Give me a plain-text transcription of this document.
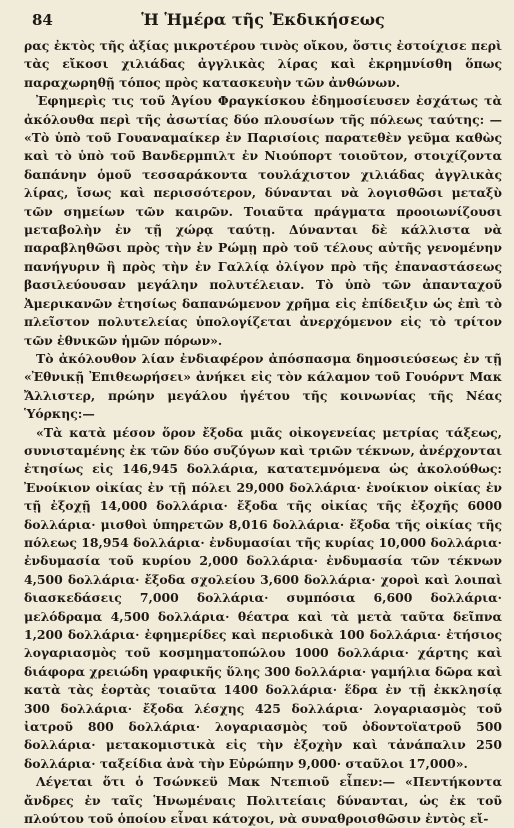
84	Ἡ Ἡμέρα τῆς Ἐκδικήσεως

ρας ἐκτὸς τῆς ἀξίας μικροτέρου τινὸς οἴκου, ὅστις ἐστοίχισε περὶ τὰς εἴκοσι χιλιάδας ἀγγλικὰς λίρας καὶ ἐκρημνίσθη ὅπως παραχωρηθῇ τόπος πρὸς κατασκευὴν τῶν ἀνθώνων.

Ἐφημερὶς τις τοῦ Ἁγίου Φραγκίσκου ἐδημοσίευσεν ἐσχάτως τὰ ἀκόλουθα περὶ τῆς ἀσωτίας δύο πλουσίων τῆς πόλεως ταύτης: — «Τὸ ὑπὸ τοῦ Γουαναμαίκερ ἐν Παρισίοις παρατεθὲν γεῦμα καθὼς καὶ τὸ ὑπὸ τοῦ Βανδερμπιλτ ἐν Νιούπορτ τοιοῦτον, στοιχίζοντα δαπάνην ὁμοῦ τεσσαράκοντα τουλάχιστον χιλιάδας ἀγγλικὰς λίρας, ἴσως καὶ περισσότερον, δύνανται νὰ λογισθῶσι μεταξὺ τῶν σημείων τῶν καιρῶν. Τοιαῦτα πράγματα προοιωνίζουσι μεταβολὴν ἐν τῇ χώρᾳ ταύτῃ. Δύνανται δὲ κάλλιστα νὰ παραβληθῶσι πρὸς τὴν ἐν Ρώμῃ πρὸ τοῦ τέλους αὐτῆς γενομένην πανήγυριν ἢ πρὸς τὴν ἐν Γαλλίᾳ ὀλίγον πρὸ τῆς ἐπαναστάσεως βασιλεύουσαν μεγάλην πολυτέλειαν. Τὸ ὑπὸ τῶν ἀπανταχοῦ Ἀμερικανῶν ἐτησίως δαπανώμενον χρῆμα εἰς ἐπίδειξιν ὡς ἐπὶ τὸ πλεῖστον πολυτελείας ὑπολογίζεται ἀνερχόμενον εἰς τὸ τρίτον τῶν ἐθνικῶν ἡμῶν πόρων».

Τὸ ἀκόλουθον λίαν ἐνδιαφέρον ἀπόσπασμα δημοσιεύσεως ἐν τῇ «Ἐθνικῇ Ἐπιθεωρήσει» ἀνήκει εἰς τὸν κάλαμον τοῦ Γουόρντ Μακ Ἄλλιστερ, πρώην μεγάλου ἡγέτου τῆς κοινωνίας τῆς Νέας Ὑόρκης:—

«Τὰ κατὰ μέσον ὅρον ἔξοδα μιᾶς οἰκογενείας μετρίας τάξεως, συνισταμένης ἐκ τῶν δύο συζύγων καὶ τριῶν τέκνων, ἀνέρχονται ἐτησίως εἰς 146,945 δολλάρια, κατατεμνόμενα ὡς ἀκολούθως: Ἐνοίκιον οἰκίας ἐν τῇ πόλει 29,000 δολλάρια· ἐνοίκιον οἰκίας ἐν τῇ ἐξοχῇ 14,000 δολλάρια· ἔξοδα τῆς οἰκίας τῆς ἐξοχῆς 6000 δολλάρια· μισθοὶ ὑπηρετῶν 8,016 δολλάρια· ἔξοδα τῆς οἰκίας τῆς πόλεως 18,954 δολλάρια· ἐνδυμασίαι τῆς κυρίας 10,000 δολλάρια· ἐνδυμασία τοῦ κυρίου 2,000 δολλάρια· ἐνδυμασία τῶν τέκνων 4,500 δολλάρια· ἔξοδα σχολείου 3,600 δολλάρια· χοροὶ καὶ λοιπαὶ διασκεδάσεις 7,000 δολλάρια· συμπόσια 6,600 δολλάρια· μελόδραμα 4,500 δολλάρια· θέατρα καὶ τὰ μετὰ ταῦτα δεῖπνα 1,200 δολλάρια· ἐφημερίδες καὶ περιοδικὰ 100 δολλάρια· ἐτήσιος λογαριασμὸς τοῦ κοσμηματοπώλου 1000 δολλάρια· χάρτης καὶ διάφορα χρειώδη γραφικῆς ὕλης 300 δολλάρια· γαμήλια δῶρα καὶ κατὰ τὰς ἑορτὰς τοιαῦτα 1400 δολλάρια· ἕδρα ἐν τῇ ἐκκλησίᾳ 300 δολλάρια· ἔξοδα λέσχης 425 δολλάρια· λογαριασμὸς τοῦ ἰατροῦ 800 δολλάρια· λογαριασμὸς τοῦ ὀδοντοϊατροῦ 500 δολλάρια· μετακομιστικὰ εἰς τὴν ἐξοχὴν καὶ τἀνάπαλιν 250 δολλάρια· ταξείδια ἀνὰ τὴν Εὐρώπην 9,000· σταῦλοι 17,000».

Λέγεται ὅτι ὁ Τσώνκεϋ Μακ Ντεπιοῦ εἶπεν:— «Πεντήκοντα ἄνδρες ἐν ταῖς Ἡνωμέναις Πολιτείαις δύνανται, ὡς ἐκ τοῦ πλούτου τοῦ ὁποίου εἶναι κάτοχοι, νὰ συναθροισθῶσιν ἐντὸς εἴ-
